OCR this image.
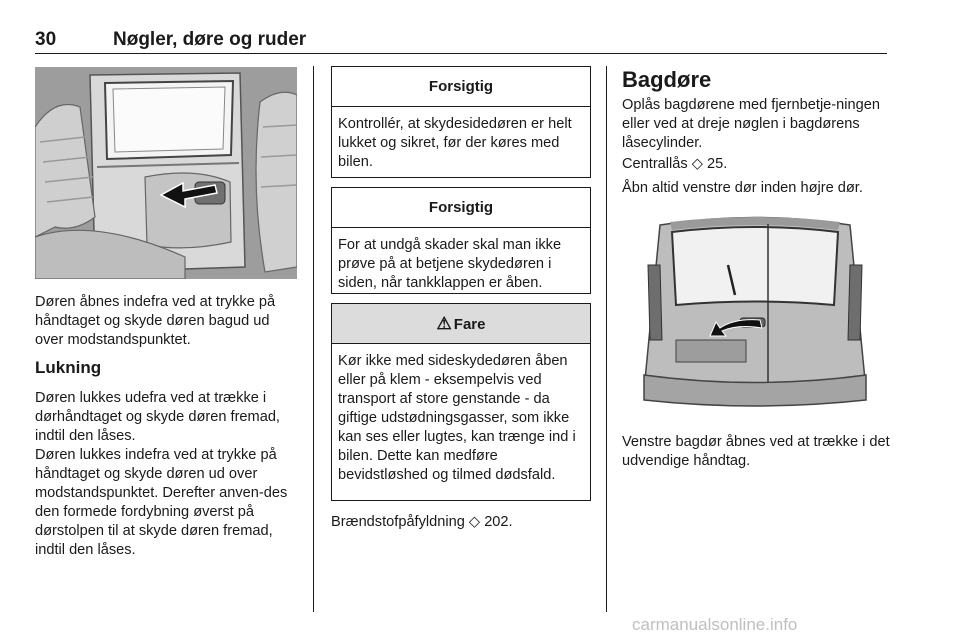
30	Nøgler, døre og ruder
Døren åbnes indefra ved at trykke på håndtaget og skyde døren bagud ud over modstandspunktet.
Lukning
Døren lukkes udefra ved at trække i dørhåndtaget og skyde døren fremad, indtil den låses.
Døren lukkes indefra ved at trykke på håndtaget og skyde døren ud over modstandspunktet. Derefter anven-des den formede fordybning øverst på dørstolpen til at skyde døren fremad, indtil den låses.
Forsigtig
Kontrollér, at skydesidedøren er helt lukket og sikret, før der køres med bilen.
Forsigtig
For at undgå skader skal man ikke prøve på at betjene skydedøren i siden, når tankklappen er åben.
⚠ Fare
Kør ikke med sideskydedøren åben eller på klem - eksempelvis ved transport af store genstande - da giftige udstødningsgasser, som ikke kan ses eller lugtes, kan trænge ind i bilen. Dette kan medføre bevidstløshed og tilmed dødsfald.
Brændstofpåfyldning ◇ 202.
Bagdøre
Oplås bagdørene med fjernbetje-ningen eller ved at dreje nøglen i bagdørens låsecylinder.
Centrallås ◇ 25.
Åbn altid venstre dør inden højre dør.
Venstre bagdør åbnes ved at trække i det udvendige håndtag.
carmanualsonline.info
